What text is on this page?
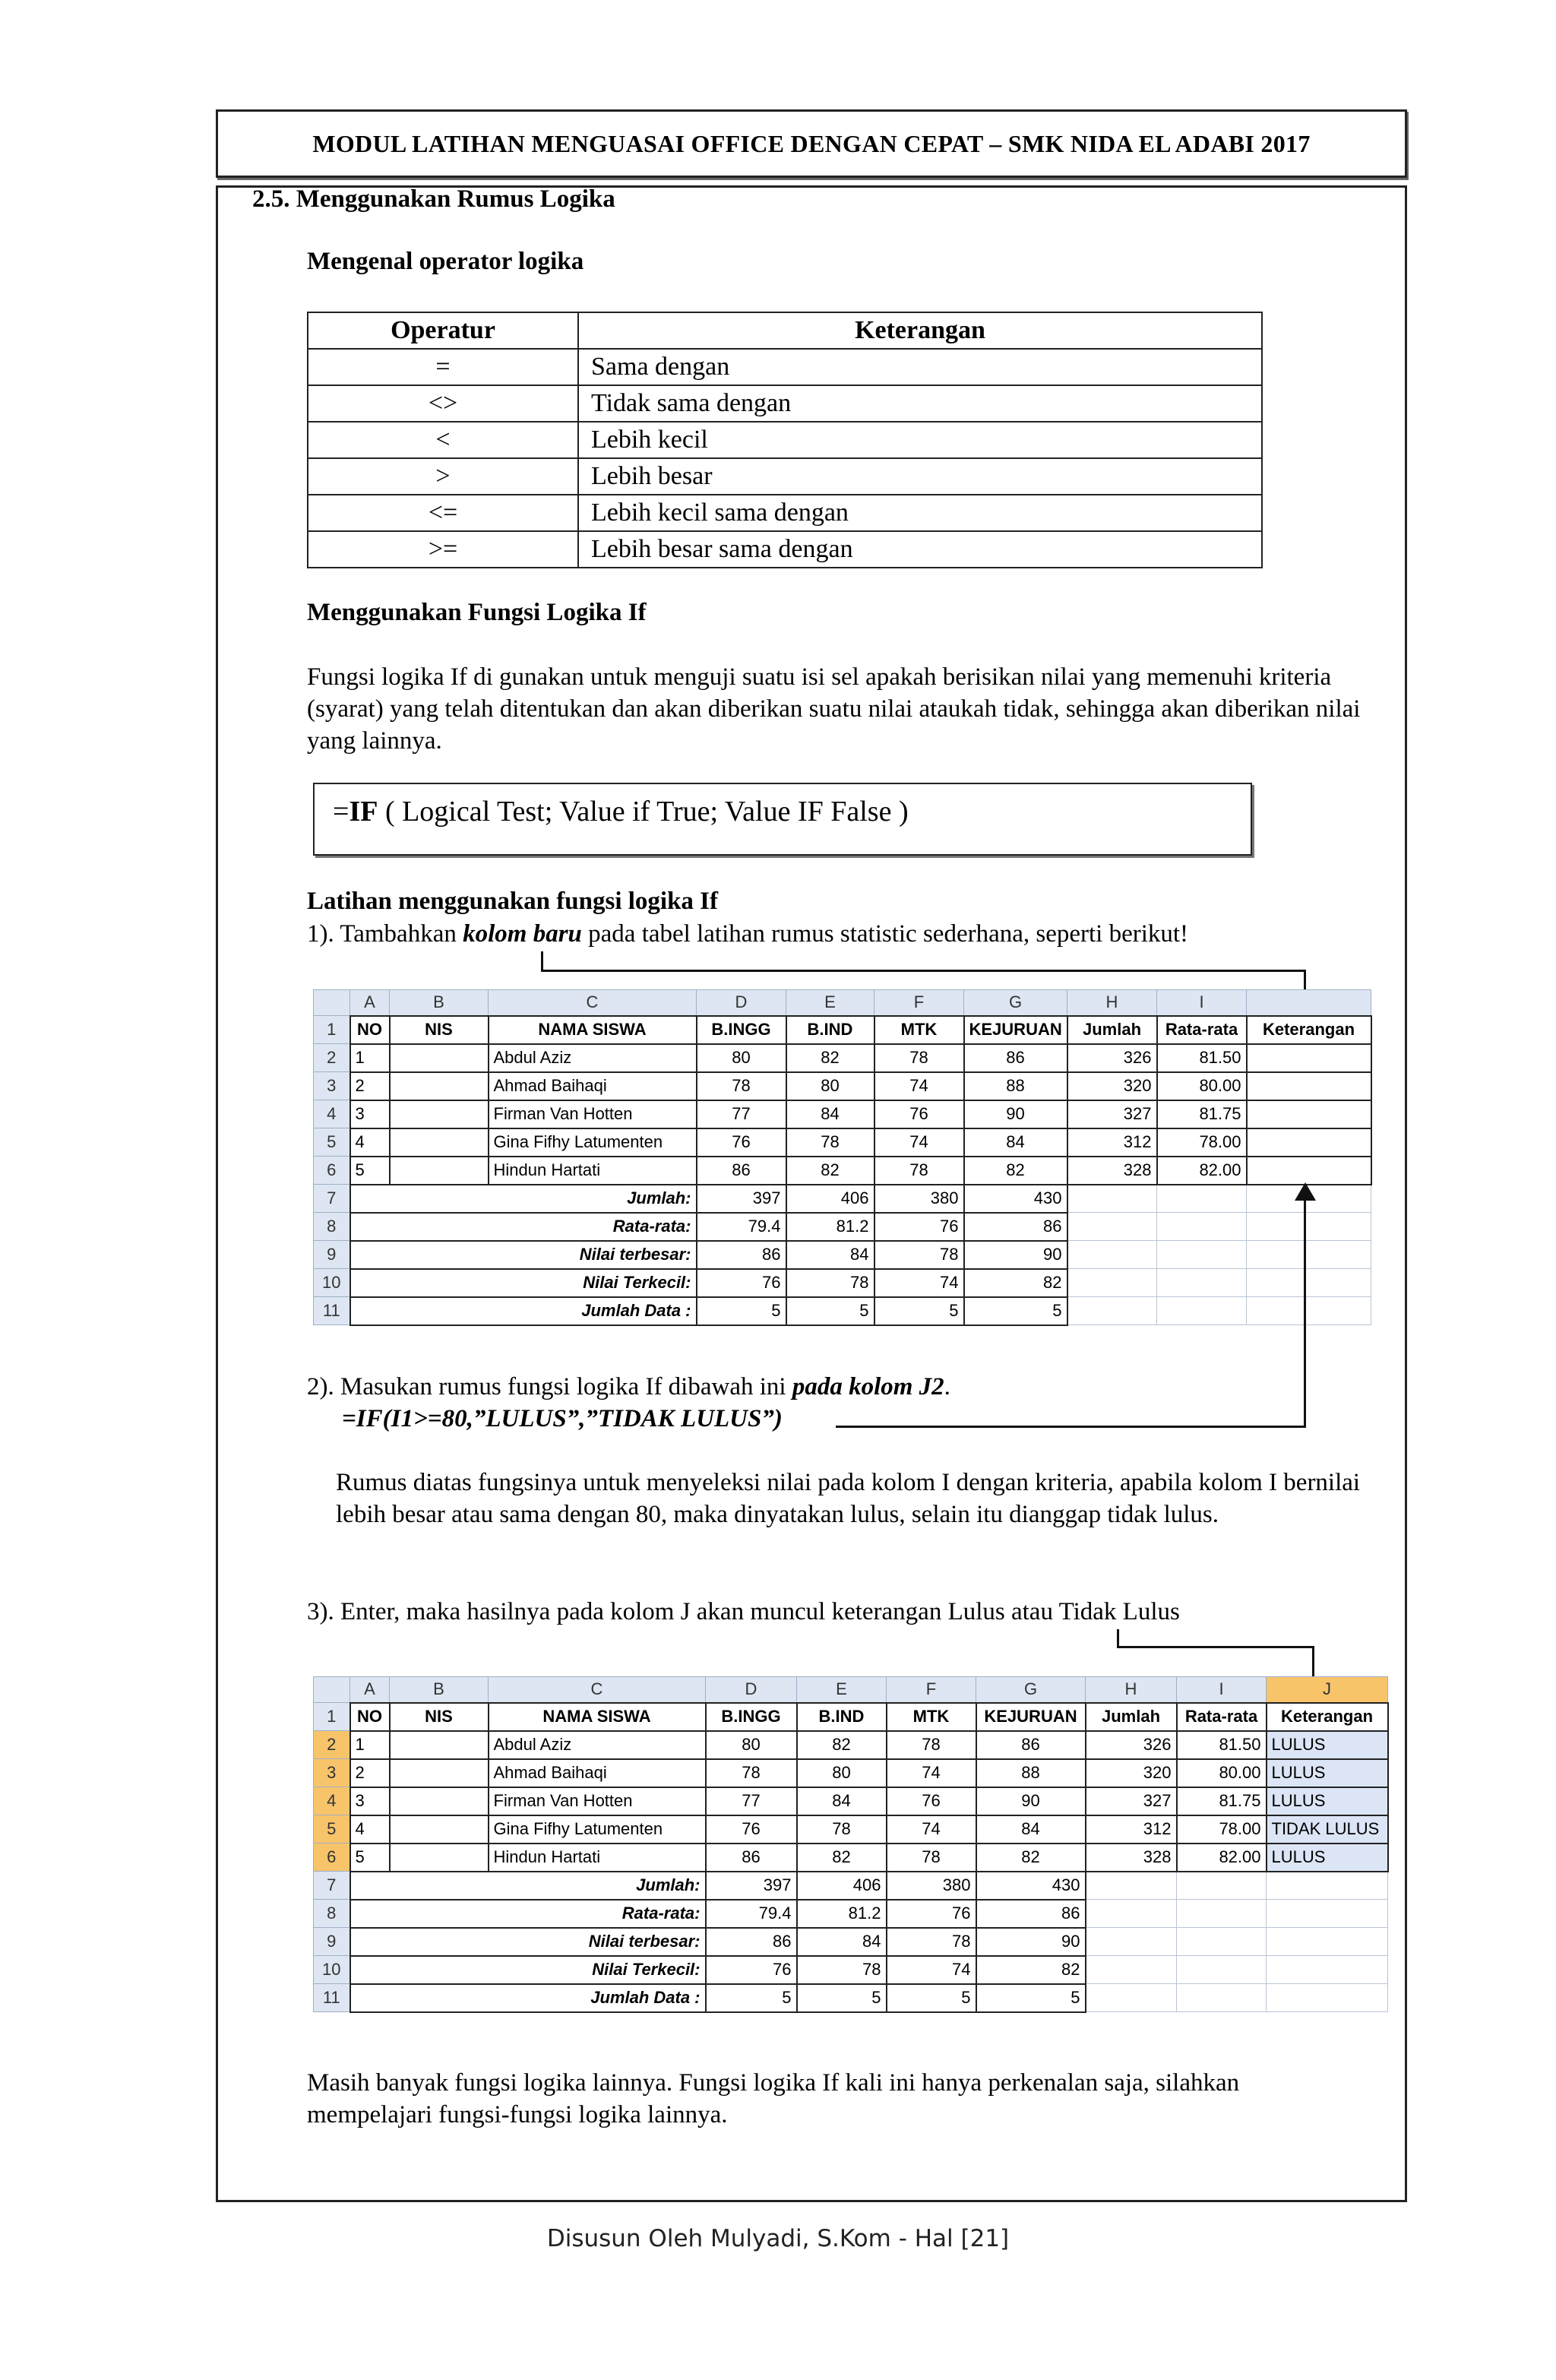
MODUL LATIHAN MENGUASAI OFFICE DENGAN CEPAT – SMK NIDA EL ADABI 2017
2.5. Menggunakan Rumus Logika
Mengenal operator logika
Operatur	Keterangan
=	Sama dengan
<>	Tidak sama dengan
<	Lebih kecil
>	Lebih besar
<=	Lebih kecil sama dengan
>=	Lebih besar sama dengan
Menggunakan Fungsi Logika If
Fungsi logika If di gunakan untuk menguji suatu isi sel apakah berisikan nilai yang memenuhi kriteria (syarat) yang telah ditentukan dan akan diberikan suatu nilai ataukah tidak, sehingga akan diberikan nilai yang lainnya.
=IF ( Logical Test; Value if True; Value IF False )
Latihan menggunakan fungsi logika If
1). Tambahkan kolom baru pada tabel latihan rumus statistic sederhana, seperti berikut!
	A	B	C	D	E	F	G	H	I	
1	NO	NIS	NAMA SISWA	B.INGG	B.IND	MTK	KEJURUAN	Jumlah	Rata-rata	Keterangan
2	1		Abdul Aziz	80	82	78	86	326	81.50	
3	2		Ahmad Baihaqi	78	80	74	88	320	80.00	
4	3		Firman Van Hotten	77	84	76	90	327	81.75	
5	4		Gina Fifhy Latumenten	76	78	74	84	312	78.00	
6	5		Hindun Hartati	86	82	78	82	328	82.00	
7	Jumlah:			397	406	380	430			
8	Rata-rata:			79.4	81.2	76	86			
9	Nilai terbesar:			86	84	78	90			
10	Nilai Terkecil:			76	78	74	82			
11	Jumlah Data :			5	5	5	5			
2). Masukan rumus fungsi logika If dibawah ini pada kolom J2.
=IF(I1>=80,”LULUS”,”TIDAK LULUS”)
Rumus diatas fungsinya untuk menyeleksi nilai pada kolom I dengan kriteria, apabila kolom I bernilai lebih besar atau sama dengan 80, maka dinyatakan lulus, selain itu dianggap tidak lulus.
3). Enter, maka hasilnya pada kolom J akan muncul keterangan Lulus atau Tidak Lulus
	A	B	C	D	E	F	G	H	I	J
1	NO	NIS	NAMA SISWA	B.INGG	B.IND	MTK	KEJURUAN	Jumlah	Rata-rata	Keterangan
2	1		Abdul Aziz	80	82	78	86	326	81.50	LULUS
3	2		Ahmad Baihaqi	78	80	74	88	320	80.00	LULUS
4	3		Firman Van Hotten	77	84	76	90	327	81.75	LULUS
5	4		Gina Fifhy Latumenten	76	78	74	84	312	78.00	TIDAK LULUS
6	5		Hindun Hartati	86	82	78	82	328	82.00	LULUS
7	Jumlah:			397	406	380	430			
8	Rata-rata:			79.4	81.2	76	86			
9	Nilai terbesar:			86	84	78	90			
10	Nilai Terkecil:			76	78	74	82			
11	Jumlah Data :			5	5	5	5			
Masih banyak fungsi logika lainnya. Fungsi logika If kali ini hanya perkenalan saja, silahkan mempelajari fungsi-fungsi logika lainnya.
Disusun Oleh Mulyadi, S.Kom - Hal [21]
